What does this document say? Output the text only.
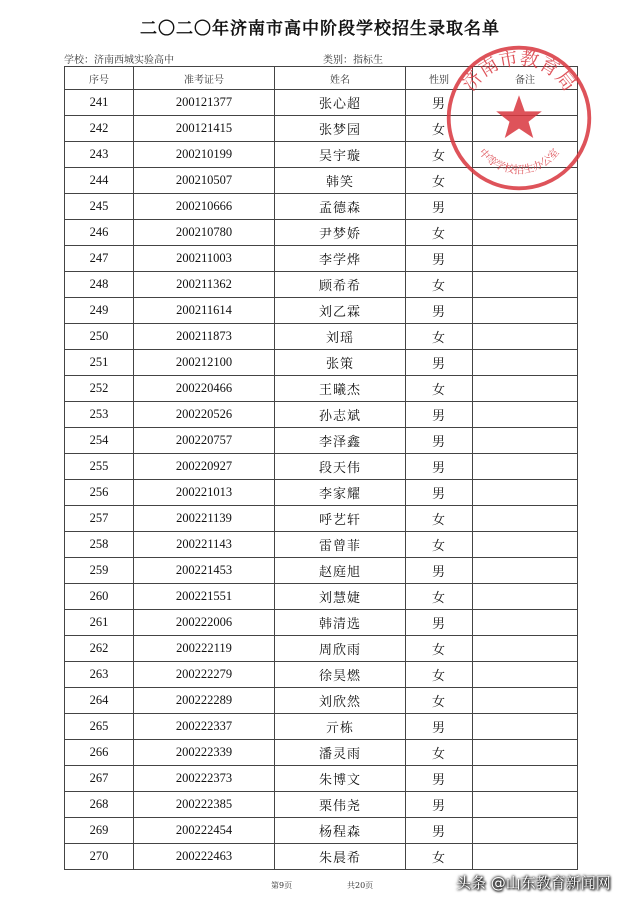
二〇二〇年济南市高中阶段学校招生录取名单
学校：济南西城实验高中	类别：指标生
序号	准考证号	姓名	性别	备注
241	200121377	张心超	男	
242	200121415	张梦园	女	
243	200210199	吴宇璇	女	
244	200210507	韩笑	女	
245	200210666	孟德森	男	
246	200210780	尹梦娇	女	
247	200211003	李学烨	男	
248	200211362	顾希希	女	
249	200211614	刘乙霖	男	
250	200211873	刘瑶	女	
251	200212100	张策	男	
252	200220466	王曦杰	女	
253	200220526	孙志斌	男	
254	200220757	李泽鑫	男	
255	200220927	段天伟	男	
256	200221013	李家耀	男	
257	200221139	呼艺轩	女	
258	200221143	雷曾菲	女	
259	200221453	赵庭旭	男	
260	200221551	刘慧婕	女	
261	200222006	韩清选	男	
262	200222119	周欣雨	女	
263	200222279	徐昊燃	女	
264	200222289	刘欣然	女	
265	200222337	亓栋	男	
266	200222339	潘灵雨	女	
267	200222373	朱博文	男	
268	200222385	栗伟尧	男	
269	200222454	杨程森	男	
270	200222463	朱晨希	女	
济南市教育局
中等学校招生办公室
第9页	共20页	头条 @山东教育新闻网
